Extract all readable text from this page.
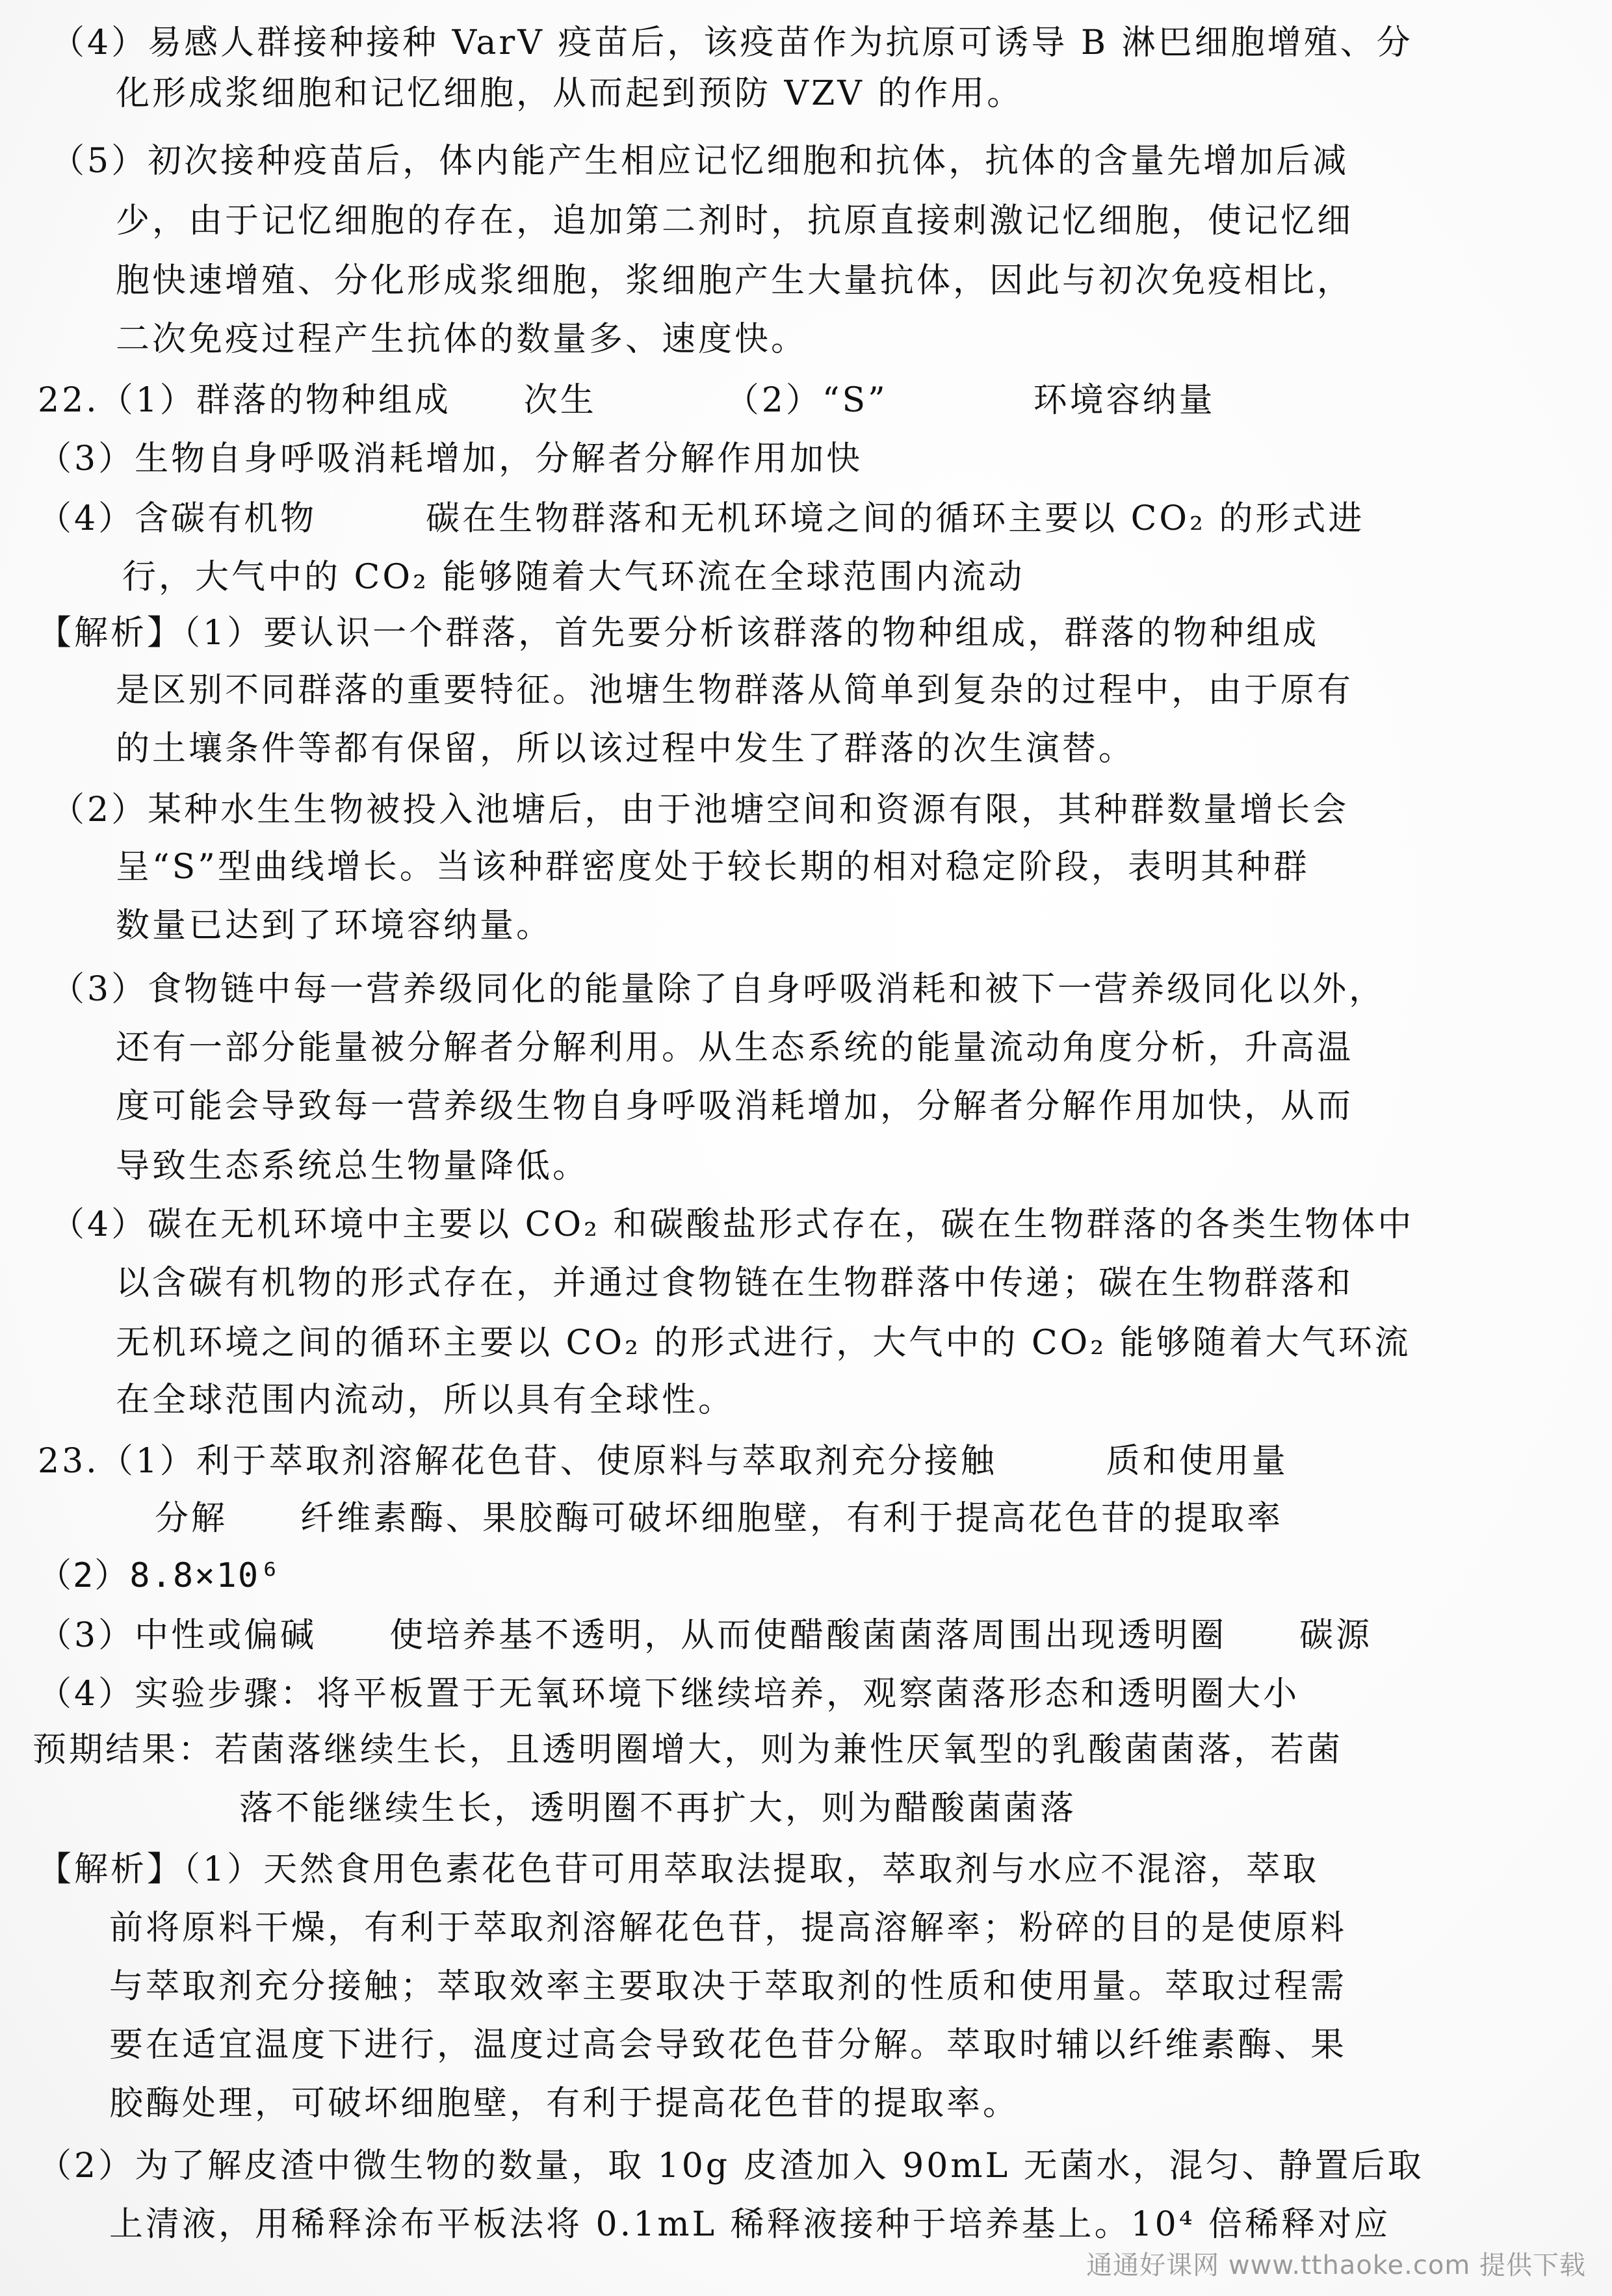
（4）易感人群接种接种 VarV 疫苗后，该疫苗作为抗原可诱导 B 淋巴细胞增殖、分
化形成浆细胞和记忆细胞，从而起到预防 VZV 的作用。
（5）初次接种疫苗后，体内能产生相应记忆细胞和抗体，抗体的含量先增加后减
少，由于记忆细胞的存在，追加第二剂时，抗原直接刺激记忆细胞，使记忆细
胞快速增殖、分化形成浆细胞，浆细胞产生大量抗体，因此与初次免疫相比，
二次免疫过程产生抗体的数量多、速度快。
22.（1）群落的物种组成　　次生　　　　（2）“S”　　　　环境容纳量
（3）生物自身呼吸消耗增加，分解者分解作用加快
（4）含碳有机物　　　碳在生物群落和无机环境之间的循环主要以 CO₂ 的形式进
行，大气中的 CO₂ 能够随着大气环流在全球范围内流动
【解析】（1）要认识一个群落，首先要分析该群落的物种组成，群落的物种组成
是区别不同群落的重要特征。池塘生物群落从简单到复杂的过程中，由于原有
的土壤条件等都有保留，所以该过程中发生了群落的次生演替。
（2）某种水生生物被投入池塘后，由于池塘空间和资源有限，其种群数量增长会
呈“S”型曲线增长。当该种群密度处于较长期的相对稳定阶段，表明其种群
数量已达到了环境容纳量。
（3）食物链中每一营养级同化的能量除了自身呼吸消耗和被下一营养级同化以外，
还有一部分能量被分解者分解利用。从生态系统的能量流动角度分析，升高温
度可能会导致每一营养级生物自身呼吸消耗增加，分解者分解作用加快，从而
导致生态系统总生物量降低。
（4）碳在无机环境中主要以 CO₂ 和碳酸盐形式存在，碳在生物群落的各类生物体中
以含碳有机物的形式存在，并通过食物链在生物群落中传递；碳在生物群落和
无机环境之间的循环主要以 CO₂ 的形式进行，大气中的 CO₂ 能够随着大气环流
在全球范围内流动，所以具有全球性。
23.（1）利于萃取剂溶解花色苷、使原料与萃取剂充分接触　　　质和使用量
分解　　纤维素酶、果胶酶可破坏细胞壁，有利于提高花色苷的提取率
（2）8.8×10⁶
（3）中性或偏碱　　使培养基不透明，从而使醋酸菌菌落周围出现透明圈　　碳源
（4）实验步骤：将平板置于无氧环境下继续培养，观察菌落形态和透明圈大小
预期结果：若菌落继续生长，且透明圈增大，则为兼性厌氧型的乳酸菌菌落，若菌
落不能继续生长，透明圈不再扩大，则为醋酸菌菌落
【解析】（1）天然食用色素花色苷可用萃取法提取，萃取剂与水应不混溶，萃取
前将原料干燥，有利于萃取剂溶解花色苷，提高溶解率；粉碎的目的是使原料
与萃取剂充分接触；萃取效率主要取决于萃取剂的性质和使用量。萃取过程需
要在适宜温度下进行，温度过高会导致花色苷分解。萃取时辅以纤维素酶、果
胶酶处理，可破坏细胞壁，有利于提高花色苷的提取率。
（2）为了解皮渣中微生物的数量，取 10g 皮渣加入 90mL 无菌水，混匀、静置后取
上清液，用稀释涂布平板法将 0.1mL 稀释液接种于培养基上。10⁴ 倍稀释对应
通通好课网 www.tthaoke.com 提供下载
